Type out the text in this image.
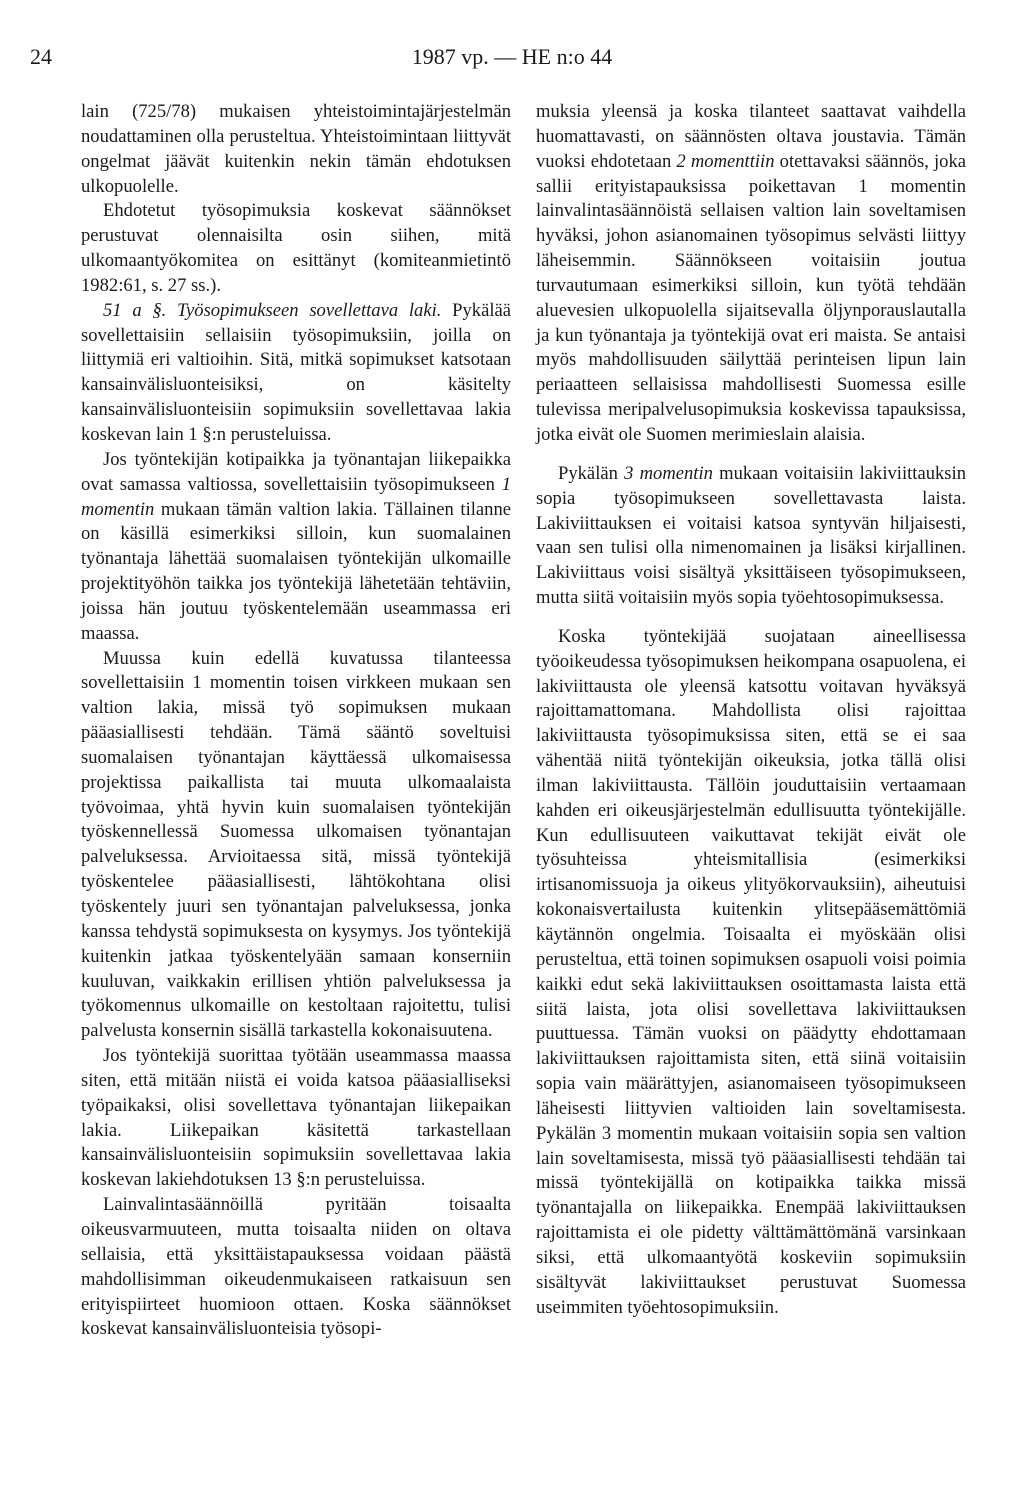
24	1987 vp. — HE n:o 44

lain (725/78) mukaisen yhteistoimintajärjestelmän noudattaminen olla perusteltua. Yhteistoimintaan liittyvät ongelmat jäävät kuitenkin nekin tämän ehdotuksen ulkopuolelle.

Ehdotetut työsopimuksia koskevat säännökset perustuvat olennaisilta osin siihen, mitä ulkomaantyökomitea on esittänyt (komiteanmietintö 1982:61, s. 27 ss.).

51 a §. Työsopimukseen sovellettava laki. Pykälää sovellettaisiin sellaisiin työsopimuksiin, joilla on liittymiä eri valtioihin. Sitä, mitkä sopimukset katsotaan kansainvälisluonteisiksi, on käsitelty kansainvälisluonteisiin sopimuksiin sovellettavaa lakia koskevan lain 1 §:n perusteluissa.

Jos työntekijän kotipaikka ja työnantajan liikepaikka ovat samassa valtiossa, sovellettaisiin työsopimukseen 1 momentin mukaan tämän valtion lakia. Tällainen tilanne on käsillä esimerkiksi silloin, kun suomalainen työnantaja lähettää suomalaisen työntekijän ulkomaille projektityöhön taikka jos työntekijä lähetetään tehtäviin, joissa hän joutuu työskentelemään useammassa eri maassa.

Muussa kuin edellä kuvatussa tilanteessa sovellettaisiin 1 momentin toisen virkkeen mukaan sen valtion lakia, missä työ sopimuksen mukaan pääasiallisesti tehdään. Tämä sääntö soveltuisi suomalaisen työnantajan käyttäessä ulkomaisessa projektissa paikallista tai muuta ulkomaalaista työvoimaa, yhtä hyvin kuin suomalaisen työntekijän työskennellessä Suomessa ulkomaisen työnantajan palveluksessa. Arvioitaessa sitä, missä työntekijä työskentelee pääasiallisesti, lähtökohtana olisi työskentely juuri sen työnantajan palveluksessa, jonka kanssa tehdystä sopimuksesta on kysymys. Jos työntekijä kuitenkin jatkaa työskentelyään samaan konserniin kuuluvan, vaikkakin erillisen yhtiön palveluksessa ja työkomennus ulkomaille on kestoltaan rajoitettu, tulisi palvelusta konsernin sisällä tarkastella kokonaisuutena.

Jos työntekijä suorittaa työtään useammassa maassa siten, että mitään niistä ei voida katsoa pääasialliseksi työpaikaksi, olisi sovellettava työnantajan liikepaikan lakia. Liikepaikan käsitettä tarkastellaan kansainvälisluonteisiin sopimuksiin sovellettavaa lakia koskevan lakiehdotuksen 13 §:n perusteluissa.

Lainvalintasäännöillä pyritään toisaalta oikeusvarmuuteen, mutta toisaalta niiden on oltava sellaisia, että yksittäistapauksessa voidaan päästä mahdollisimman oikeudenmukaiseen ratkaisuun sen erityispiirteet huomioon ottaen. Koska säännökset koskevat kansainvälisluonteisia työsopi-

muksia yleensä ja koska tilanteet saattavat vaihdella huomattavasti, on säännösten oltava joustavia. Tämän vuoksi ehdotetaan 2 momenttiin otettavaksi säännös, joka sallii erityistapauksissa poikettavan 1 momentin lainvalintasäännöistä sellaisen valtion lain soveltamisen hyväksi, johon asianomainen työsopimus selvästi liittyy läheisemmin. Säännökseen voitaisiin joutua turvautumaan esimerkiksi silloin, kun työtä tehdään aluevesien ulkopuolella sijaitsevalla öljynporauslautalla ja kun työnantaja ja työntekijä ovat eri maista. Se antaisi myös mahdollisuuden säilyttää perinteisen lipun lain periaatteen sellaisissa mahdollisesti Suomessa esille tulevissa meripalvelusopimuksia koskevissa tapauksissa, jotka eivät ole Suomen merimieslain alaisia.

Pykälän 3 momentin mukaan voitaisiin lakiviittauksin sopia työsopimukseen sovellettavasta laista. Lakiviittauksen ei voitaisi katsoa syntyvän hiljaisesti, vaan sen tulisi olla nimenomainen ja lisäksi kirjallinen. Lakiviittaus voisi sisältyä yksittäiseen työsopimukseen, mutta siitä voitaisiin myös sopia työehtosopimuksessa.

Koska työntekijää suojataan aineellisessa työoikeudessa työsopimuksen heikompana osapuolena, ei lakiviittausta ole yleensä katsottu voitavan hyväksyä rajoittamattomana. Mahdollista olisi rajoittaa lakiviittausta työsopimuksissa siten, että se ei saa vähentää niitä työntekijän oikeuksia, jotka tällä olisi ilman lakiviittausta. Tällöin jouduttaisiin vertaamaan kahden eri oikeusjärjestelmän edullisuutta työntekijälle. Kun edullisuuteen vaikuttavat tekijät eivät ole työsuhteissa yhteismitallisia (esimerkiksi irtisanomissuoja ja oikeus ylityökorvauksiin), aiheutuisi kokonaisvertailusta kuitenkin ylitsepääsemättömiä käytännön ongelmia. Toisaalta ei myöskään olisi perusteltua, että toinen sopimuksen osapuoli voisi poimia kaikki edut sekä lakiviittauksen osoittamasta laista että siitä laista, jota olisi sovellettava lakiviittauksen puuttuessa. Tämän vuoksi on päädytty ehdottamaan lakiviittauksen rajoittamista siten, että siinä voitaisiin sopia vain määrättyjen, asianomaiseen työsopimukseen läheisesti liittyvien valtioiden lain soveltamisesta. Pykälän 3 momentin mukaan voitaisiin sopia sen valtion lain soveltamisesta, missä työ pääasiallisesti tehdään tai missä työntekijällä on kotipaikka taikka missä työnantajalla on liikepaikka. Enempää lakiviittauksen rajoittamista ei ole pidetty välttämättömänä varsinkaan siksi, että ulkomaantyötä koskeviin sopimuksiin sisältyvät lakiviittaukset perustuvat Suomessa useimmiten työehtosopimuksiin.
